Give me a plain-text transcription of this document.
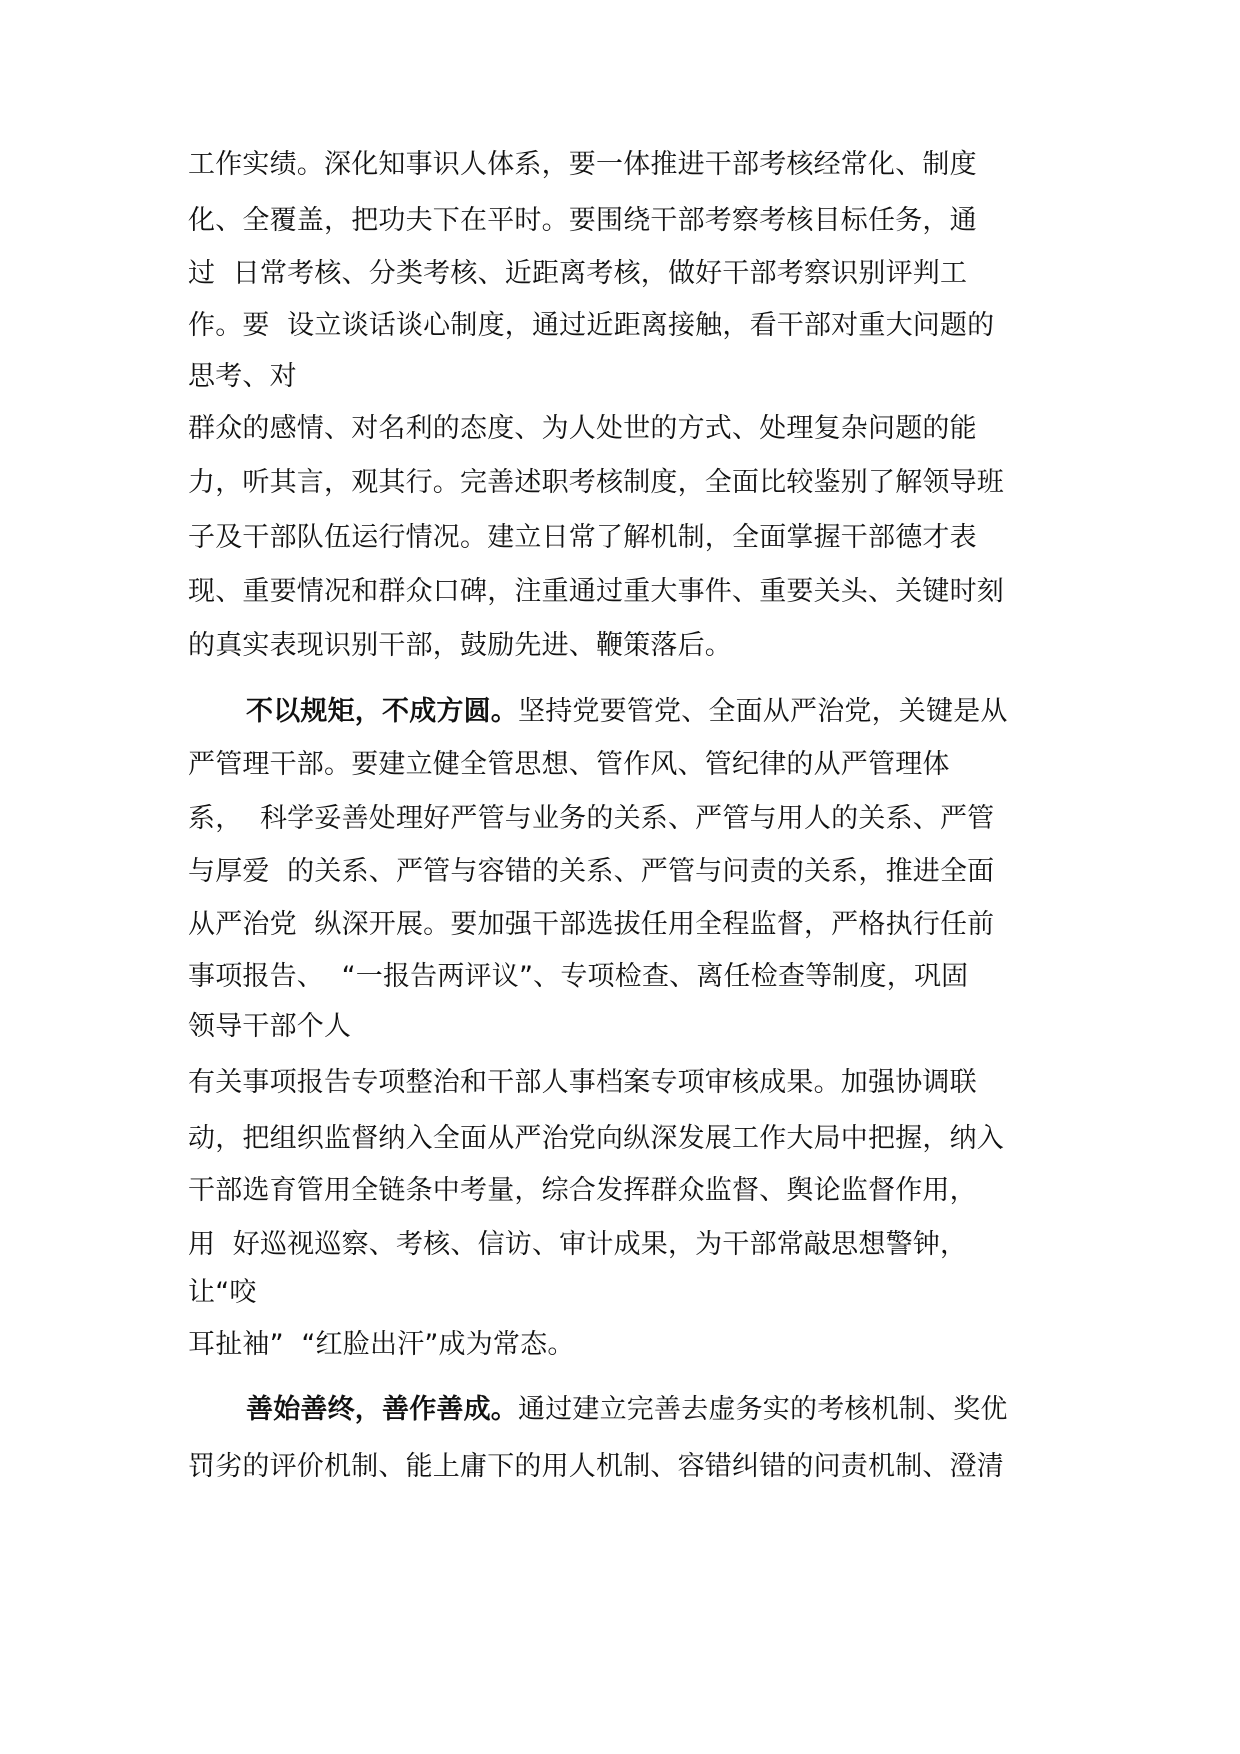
工作实绩。深化知事识人体系，要一体推进干部考核经常化、制度
化、全覆盖，把功夫下在平时。要围绕干部考察考核目标任务，通
过  日常考核、分类考核、近距离考核，做好干部考察识别评判工
作。要  设立谈话谈心制度，通过近距离接触，看干部对重大问题的
思考、对
群众的感情、对名利的态度、为人处世的方式、处理复杂问题的能
力，听其言，观其行。完善述职考核制度，全面比较鉴别了解领导班
子及干部队伍运行情况。建立日常了解机制，全面掌握干部德才表
现、重要情况和群众口碑，注重通过重大事件、重要关头、关键时刻
的真实表现识别干部，鼓励先进、鞭策落后。
不以规矩，不成方圆。坚持党要管党、全面从严治党，关键是从
严管理干部。要建立健全管思想、管作风、管纪律的从严管理体
系，  科学妥善处理好严管与业务的关系、严管与用人的关系、严管
与厚爱  的关系、严管与容错的关系、严管与问责的关系，推进全面
从严治党  纵深开展。要加强干部选拔任用全程监督，严格执行任前
事项报告、  “一报告两评议”、专项检查、离任检查等制度，巩固
领导干部个人
有关事项报告专项整治和干部人事档案专项审核成果。加强协调联
动，把组织监督纳入全面从严治党向纵深发展工作大局中把握，纳入
干部选育管用全链条中考量，综合发挥群众监督、舆论监督作用，
用  好巡视巡察、考核、信访、审计成果，为干部常敲思想警钟，
让“咬
耳扯袖”  “红脸出汗”成为常态。
善始善终，善作善成。通过建立完善去虚务实的考核机制、奖优
罚劣的评价机制、能上庸下的用人机制、容错纠错的问责机制、澄清
